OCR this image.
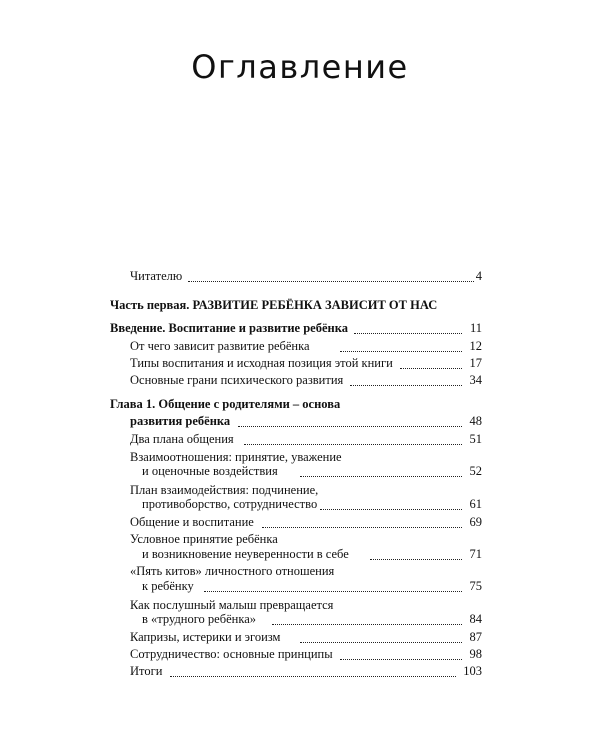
Оглавление
Читателю	4
Часть первая. РАЗВИТИЕ РЕБЁНКА ЗАВИСИТ ОТ НАС
Введение. Воспитание и развитие ребёнка	11
От чего зависит развитие ребёнка	12
Типы воспитания и исходная позиция этой книги	17
Основные грани психического развития	34
Глава 1. Общение с родителями – основа
развития ребёнка	48
Два плана общения	51
Взаимоотношения: принятие, уважение
и оценочные воздействия	52
План взаимодействия: подчинение,
противоборство, сотрудничество	61
Общение и воспитание	69
Условное принятие ребёнка
и возникновение неуверенности в себе	71
«Пять китов» личностного отношения
к ребёнку	75
Как послушный малыш превращается
в «трудного ребёнка»	84
Капризы, истерики и эгоизм	87
Сотрудничество: основные принципы	98
Итоги	103
